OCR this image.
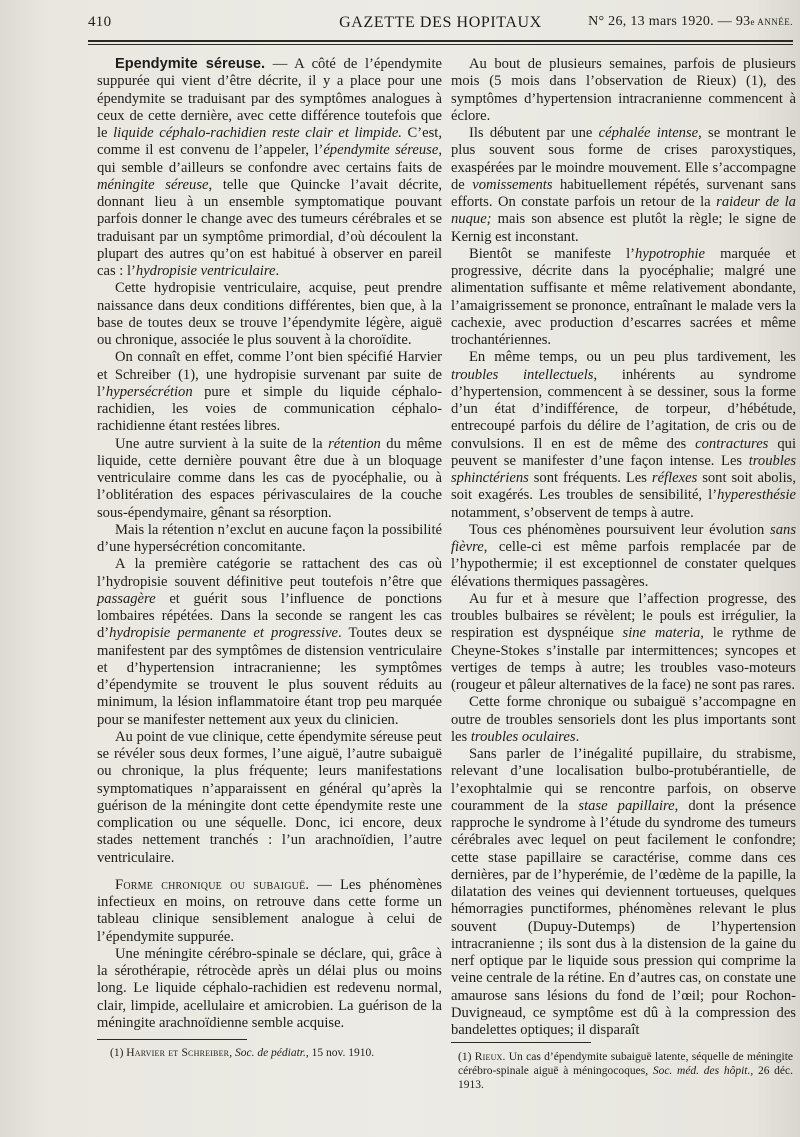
410	GAZETTE DES HOPITAUX	N° 26, 13 mars 1920. — 93e ANNÉE.

Ependymite séreuse. — A côté de l’épendymite suppurée qui vient d’être décrite, il y a place pour une épendymite se traduisant par des symptômes analogues à ceux de cette dernière, avec cette différence toutefois que le liquide céphalo-rachidien reste clair et limpide. C’est, comme il est convenu de l’appeler, l’épendymite séreuse, qui semble d’ailleurs se confondre avec certains faits de méningite séreuse, telle que Quincke l’avait décrite, donnant lieu à un ensemble symptomatique pouvant parfois donner le change avec des tumeurs cérébrales et se traduisant par un symptôme primordial, d’où découlent la plupart des autres qu’on est habitué à observer en pareil cas : l’hydropisie ventriculaire.

Cette hydropisie ventriculaire, acquise, peut prendre naissance dans deux conditions différentes, bien que, à la base de toutes deux se trouve l’épendymite légère, aiguë ou chronique, associée le plus souvent à la choroïdite.

On connaît en effet, comme l’ont bien spécifié Harvier et Schreiber (1), une hydropisie survenant par suite de l’hypersécrétion pure et simple du liquide céphalo-rachidien, les voies de communication céphalo-rachidienne étant restées libres.

Une autre survient à la suite de la rétention du même liquide, cette dernière pouvant être due à un bloquage ventriculaire comme dans les cas de pyocéphalie, ou à l’oblitération des espaces périvasculaires de la couche sous-épendymaire, gênant sa résorption.

Mais la rétention n’exclut en aucune façon la possibilité d’une hypersécrétion concomitante.

A la première catégorie se rattachent des cas où l’hydropisie souvent définitive peut toutefois n’être que passagère et guérit sous l’influence de ponctions lombaires répétées. Dans la seconde se rangent les cas d’hydropisie permanente et progressive. Toutes deux se manifestent par des symptômes de distension ventriculaire et d’hypertension intracranienne; les symptômes d’épendymite se trouvent le plus souvent réduits au minimum, la lésion inflammatoire étant trop peu marquée pour se manifester nettement aux yeux du clinicien.

Au point de vue clinique, cette épendymite séreuse peut se révéler sous deux formes, l’une aiguë, l’autre subaiguë ou chronique, la plus fréquente; leurs manifestations symptomatiques n’apparaissent en général qu’après la guérison de la méningite dont cette épendymite reste une complication ou une séquelle. Donc, ici encore, deux stades nettement tranchés : l’un arachnoïdien, l’autre ventriculaire.

Forme chronique ou subaiguë. — Les phénomènes infectieux en moins, on retrouve dans cette forme un tableau clinique sensiblement analogue à celui de l’épendymite suppurée.

Une méningite cérébro-spinale se déclare, qui, grâce à la sérothérapie, rétrocède après un délai plus ou moins long. Le liquide céphalo-rachidien est redevenu normal, clair, limpide, acellulaire et amicrobien. La guérison de la méningite arachnoïdienne semble acquise.

(1) Harvier et Schreiber, Soc. de pédiatr., 15 nov. 1910.

Au bout de plusieurs semaines, parfois de plusieurs mois (5 mois dans l’observation de Rieux) (1), des symptômes d’hypertension intracranienne commencent à éclore.

Ils débutent par une céphalée intense, se montrant le plus souvent sous forme de crises paroxystiques, exaspérées par le moindre mouvement. Elle s’accompagne de vomissements habituellement répétés, survenant sans efforts. On constate parfois un retour de la raideur de la nuque; mais son absence est plutôt la règle; le signe de Kernig est inconstant.

Bientôt se manifeste l’hypotrophie marquée et progressive, décrite dans la pyocéphalie; malgré une alimentation suffisante et même relativement abondante, l’amaigrissement se prononce, entraînant le malade vers la cachexie, avec production d’escarres sacrées et même trochantériennes.

En même temps, ou un peu plus tardivement, les troubles intellectuels, inhérents au syndrome d’hypertension, commencent à se dessiner, sous la forme d’un état d’indifférence, de torpeur, d’hébétude, entrecoupé parfois du délire de l’agitation, de cris ou de convulsions. Il en est de même des contractures qui peuvent se manifester d’une façon intense. Les troubles sphinctériens sont fréquents. Les réflexes sont soit abolis, soit exagérés. Les troubles de sensibilité, l’hyperesthésie notamment, s’observent de temps à autre.

Tous ces phénomènes poursuivent leur évolution sans fièvre, celle-ci est même parfois remplacée par de l’hypothermie; il est exceptionnel de constater quelques élévations thermiques passagères.

Au fur et à mesure que l’affection progresse, des troubles bulbaires se révèlent; le pouls est irrégulier, la respiration est dyspnéique sine materia, le rythme de Cheyne-Stokes s’installe par intermittences; syncopes et vertiges de temps à autre; les troubles vaso-moteurs (rougeur et pâleur alternatives de la face) ne sont pas rares.

Cette forme chronique ou subaiguë s’accompagne en outre de troubles sensoriels dont les plus importants sont les troubles oculaires.

Sans parler de l’inégalité pupillaire, du strabisme, relevant d’une localisation bulbo-protubérantielle, de l’exophtalmie qui se rencontre parfois, on observe couramment de la stase papillaire, dont la présence rapproche le syndrome à l’étude du syndrome des tumeurs cérébrales avec lequel on peut facilement le confondre; cette stase papillaire se caractérise, comme dans ces dernières, par de l’hyperémie, de l’œdème de la papille, la dilatation des veines qui deviennent tortueuses, quelques hémorragies punctiformes, phénomènes relevant le plus souvent (Dupuy-Dutemps) de l’hypertension intracranienne ; ils sont dus à la distension de la gaine du nerf optique par le liquide sous pression qui comprime la veine centrale de la rétine. En d’autres cas, on constate une amaurose sans lésions du fond de l’œil; pour Rochon-Duvigneaud, ce symptôme est dû à la compression des bandelettes optiques; il disparaît

(1) Rieux. Un cas d’épendymite subaiguë latente, séquelle de méningite cérébro-spinale aiguë à méningocoques, Soc. méd. des hôpit., 26 déc. 1913.
